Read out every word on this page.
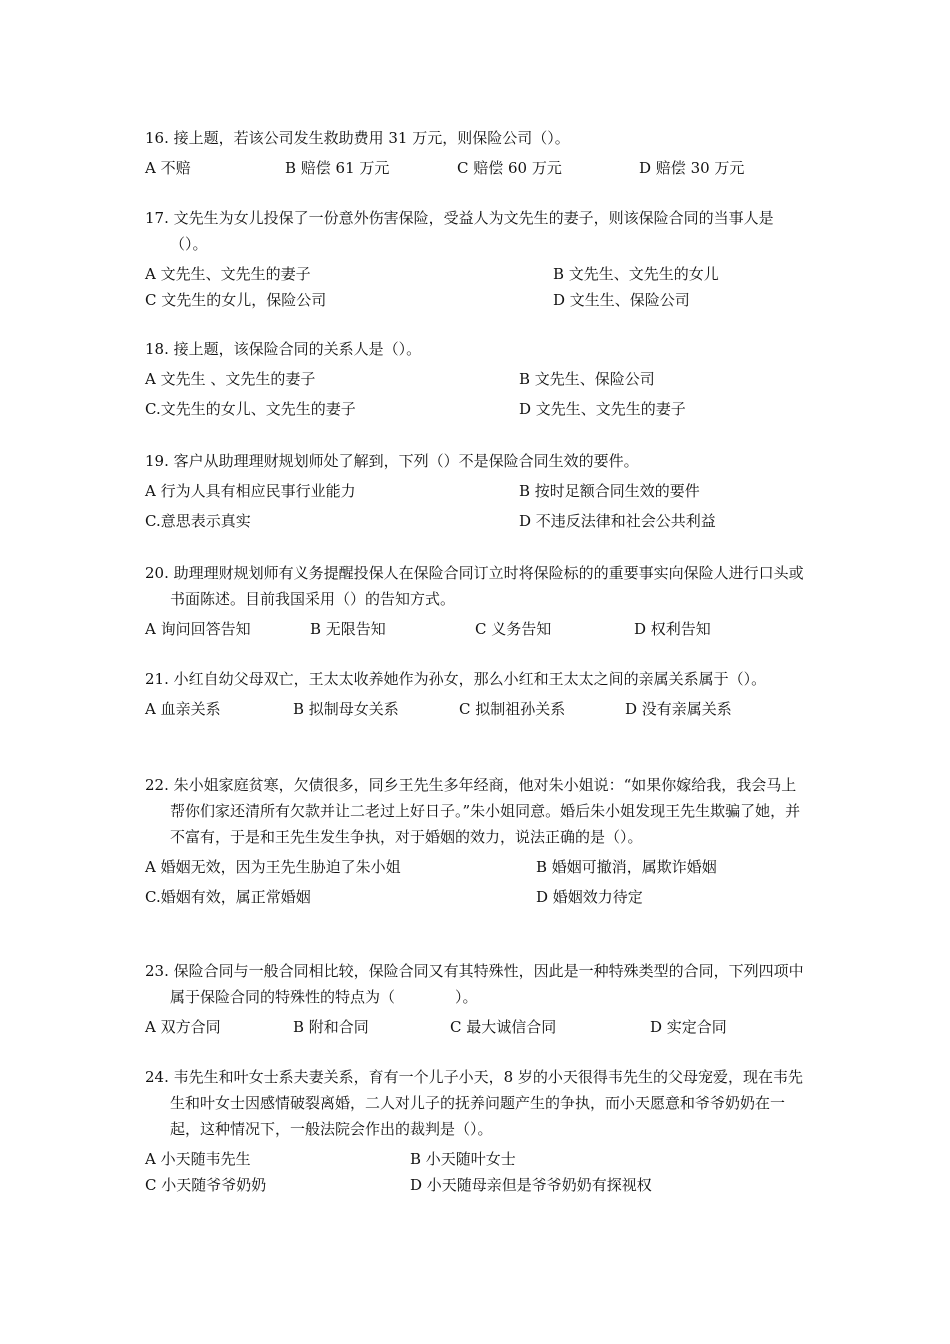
16. 接上题，若该公司发生救助费用 31 万元，则保险公司（）。
A 不赔	B 赔偿 61 万元	C 赔偿 60 万元	D 赔偿 30 万元
17. 文先生为女儿投保了一份意外伤害保险，受益人为文先生的妻子，则该保险合同的当事人是（）。
A 文先生、文先生的妻子	B 文先生、文先生的女儿
C 文先生的女儿，保险公司	D 文生生、保险公司
18. 接上题，该保险合同的关系人是（）。
A 文先生 、文先生的妻子	B 文先生、保险公司
C.文先生的女儿、文先生的妻子	D 文先生、文先生的妻子
19. 客户从助理理财规划师处了解到，下列（）不是保险合同生效的要件。
A 行为人具有相应民事行业能力	B 按时足额合同生效的要件
C.意思表示真实	D 不违反法律和社会公共利益
20. 助理理财规划师有义务提醒投保人在保险合同订立时将保险标的的重要事实向保险人进行口头或书面陈述。目前我国采用（）的告知方式。
A 询问回答告知	B 无限告知	C 义务告知	D 权利告知
21. 小红自幼父母双亡，王太太收养她作为孙女，那么小红和王太太之间的亲属关系属于（）。
A 血亲关系	B 拟制母女关系	C 拟制祖孙关系	D 没有亲属关系
22. 朱小姐家庭贫寒，欠债很多，同乡王先生多年经商，他对朱小姐说：“如果你嫁给我，我会马上帮你们家还清所有欠款并让二老过上好日子。”朱小姐同意。婚后朱小姐发现王先生欺骗了她，并不富有，于是和王先生发生争执，对于婚姻的效力，说法正确的是（）。
A 婚姻无效，因为王先生胁迫了朱小姐	B 婚姻可撤消，属欺诈婚姻
C.婚姻有效，属正常婚姻	D 婚姻效力待定
23. 保险合同与一般合同相比较，保险合同又有其特殊性，因此是一种特殊类型的合同，下列四项中属于保险合同的特殊性的特点为（　　　　）。
A 双方合同	B 附和合同	C 最大诚信合同	D 实定合同
24. 韦先生和叶女士系夫妻关系，育有一个儿子小天，8 岁的小天很得韦先生的父母宠爱，现在韦先生和叶女士因感情破裂离婚，二人对儿子的抚养问题产生的争执，而小天愿意和爷爷奶奶在一起，这种情况下，一般法院会作出的裁判是（）。
A 小天随韦先生	B 小天随叶女士
C 小天随爷爷奶奶	D 小天随母亲但是爷爷奶奶有探视权
